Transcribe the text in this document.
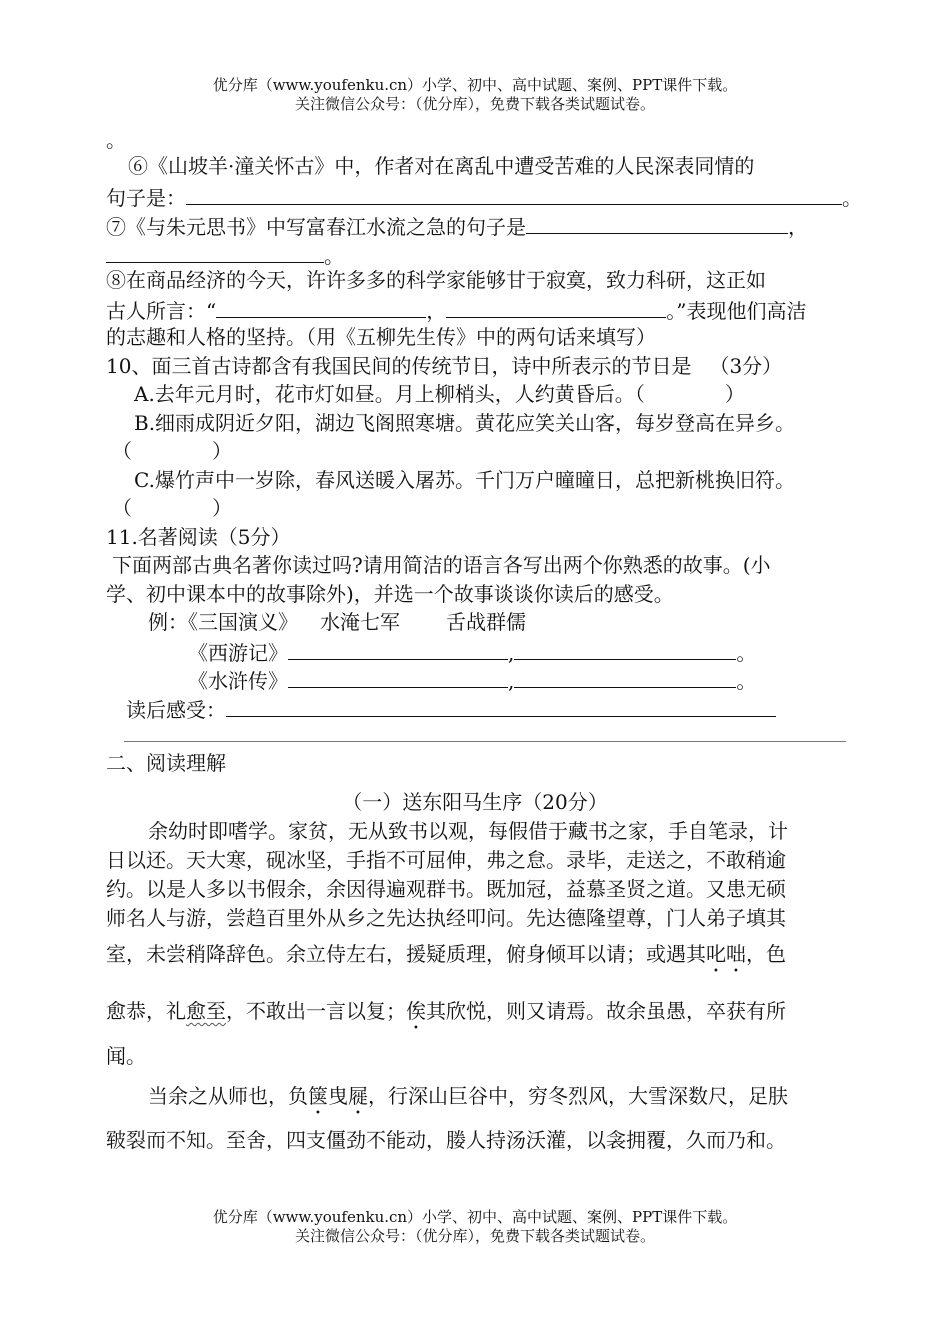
优分库（www.youfenku.cn）小学、初中、高中试题、案例、PPT课件下载。
关注微信公众号：（优分库），免费下载各类试题试卷。
。
⑥《山坡羊·潼关怀古》中，作者对在离乱中遭受苦难的人民深表同情的
句子是：	。
⑦《与朱元思书》中写富春江水流之急的句子是	，
。
⑧在商品经济的今天，许许多多的科学家能够甘于寂寞，致力科研，这正如
古人所言：“	，	。”表现他们高洁
的志趣和人格的坚持。（用《五柳先生传》中的两句话来填写）
10、面三首古诗都含有我国民间的传统节日，诗中所表示的节日是 （3分）
A.去年元月时，花市灯如昼。月上柳梢头，人约黄昏后。（	）
B.细雨成阴近夕阳，湖边飞阁照寒塘。黄花应笑关山客，每岁登高在异乡。
（	）
C.爆竹声中一岁除，春风送暖入屠苏。千门万户曈曈日，总把新桃换旧符。
（	）
11.名著阅读（5分）
下面两部古典名著你读过吗?请用简洁的语言各写出两个你熟悉的故事。(小
学、初中课本中的故事除外)，并选一个故事谈谈你读后的感受。
例：《三国演义》 水淹七军 舌战群儒
《西游记》	,	。
《水浒传》	,	。
读后感受：
二、阅读理解
（一）送东阳马生序（20分）
余幼时即嗜学。家贫，无从致书以观，每假借于藏书之家，手自笔录，计
日以还。天大寒，砚冰坚，手指不可屈伸，弗之怠。录毕，走送之，不敢稍逾
约。以是人多以书假余，余因得遍观群书。既加冠，益慕圣贤之道。又患无硕
师名人与游，尝趋百里外从乡之先达执经叩问。先达德隆望尊，门人弟子填其
室，未尝稍降辞色。余立侍左右，援疑质理，俯身倾耳以请；或遇其叱咄，色
愈恭，礼愈至，不敢出一言以复；俟其欣悦，则又请焉。故余虽愚，卒获有所
闻。
当余之从师也，负箧曳屣，行深山巨谷中，穷冬烈风，大雪深数尺，足肤
皲裂而不知。至舍，四支僵劲不能动，媵人持汤沃灌，以衾拥覆，久而乃和。
优分库（www.youfenku.cn）小学、初中、高中试题、案例、PPT课件下载。
关注微信公众号：（优分库），免费下载各类试题试卷。
